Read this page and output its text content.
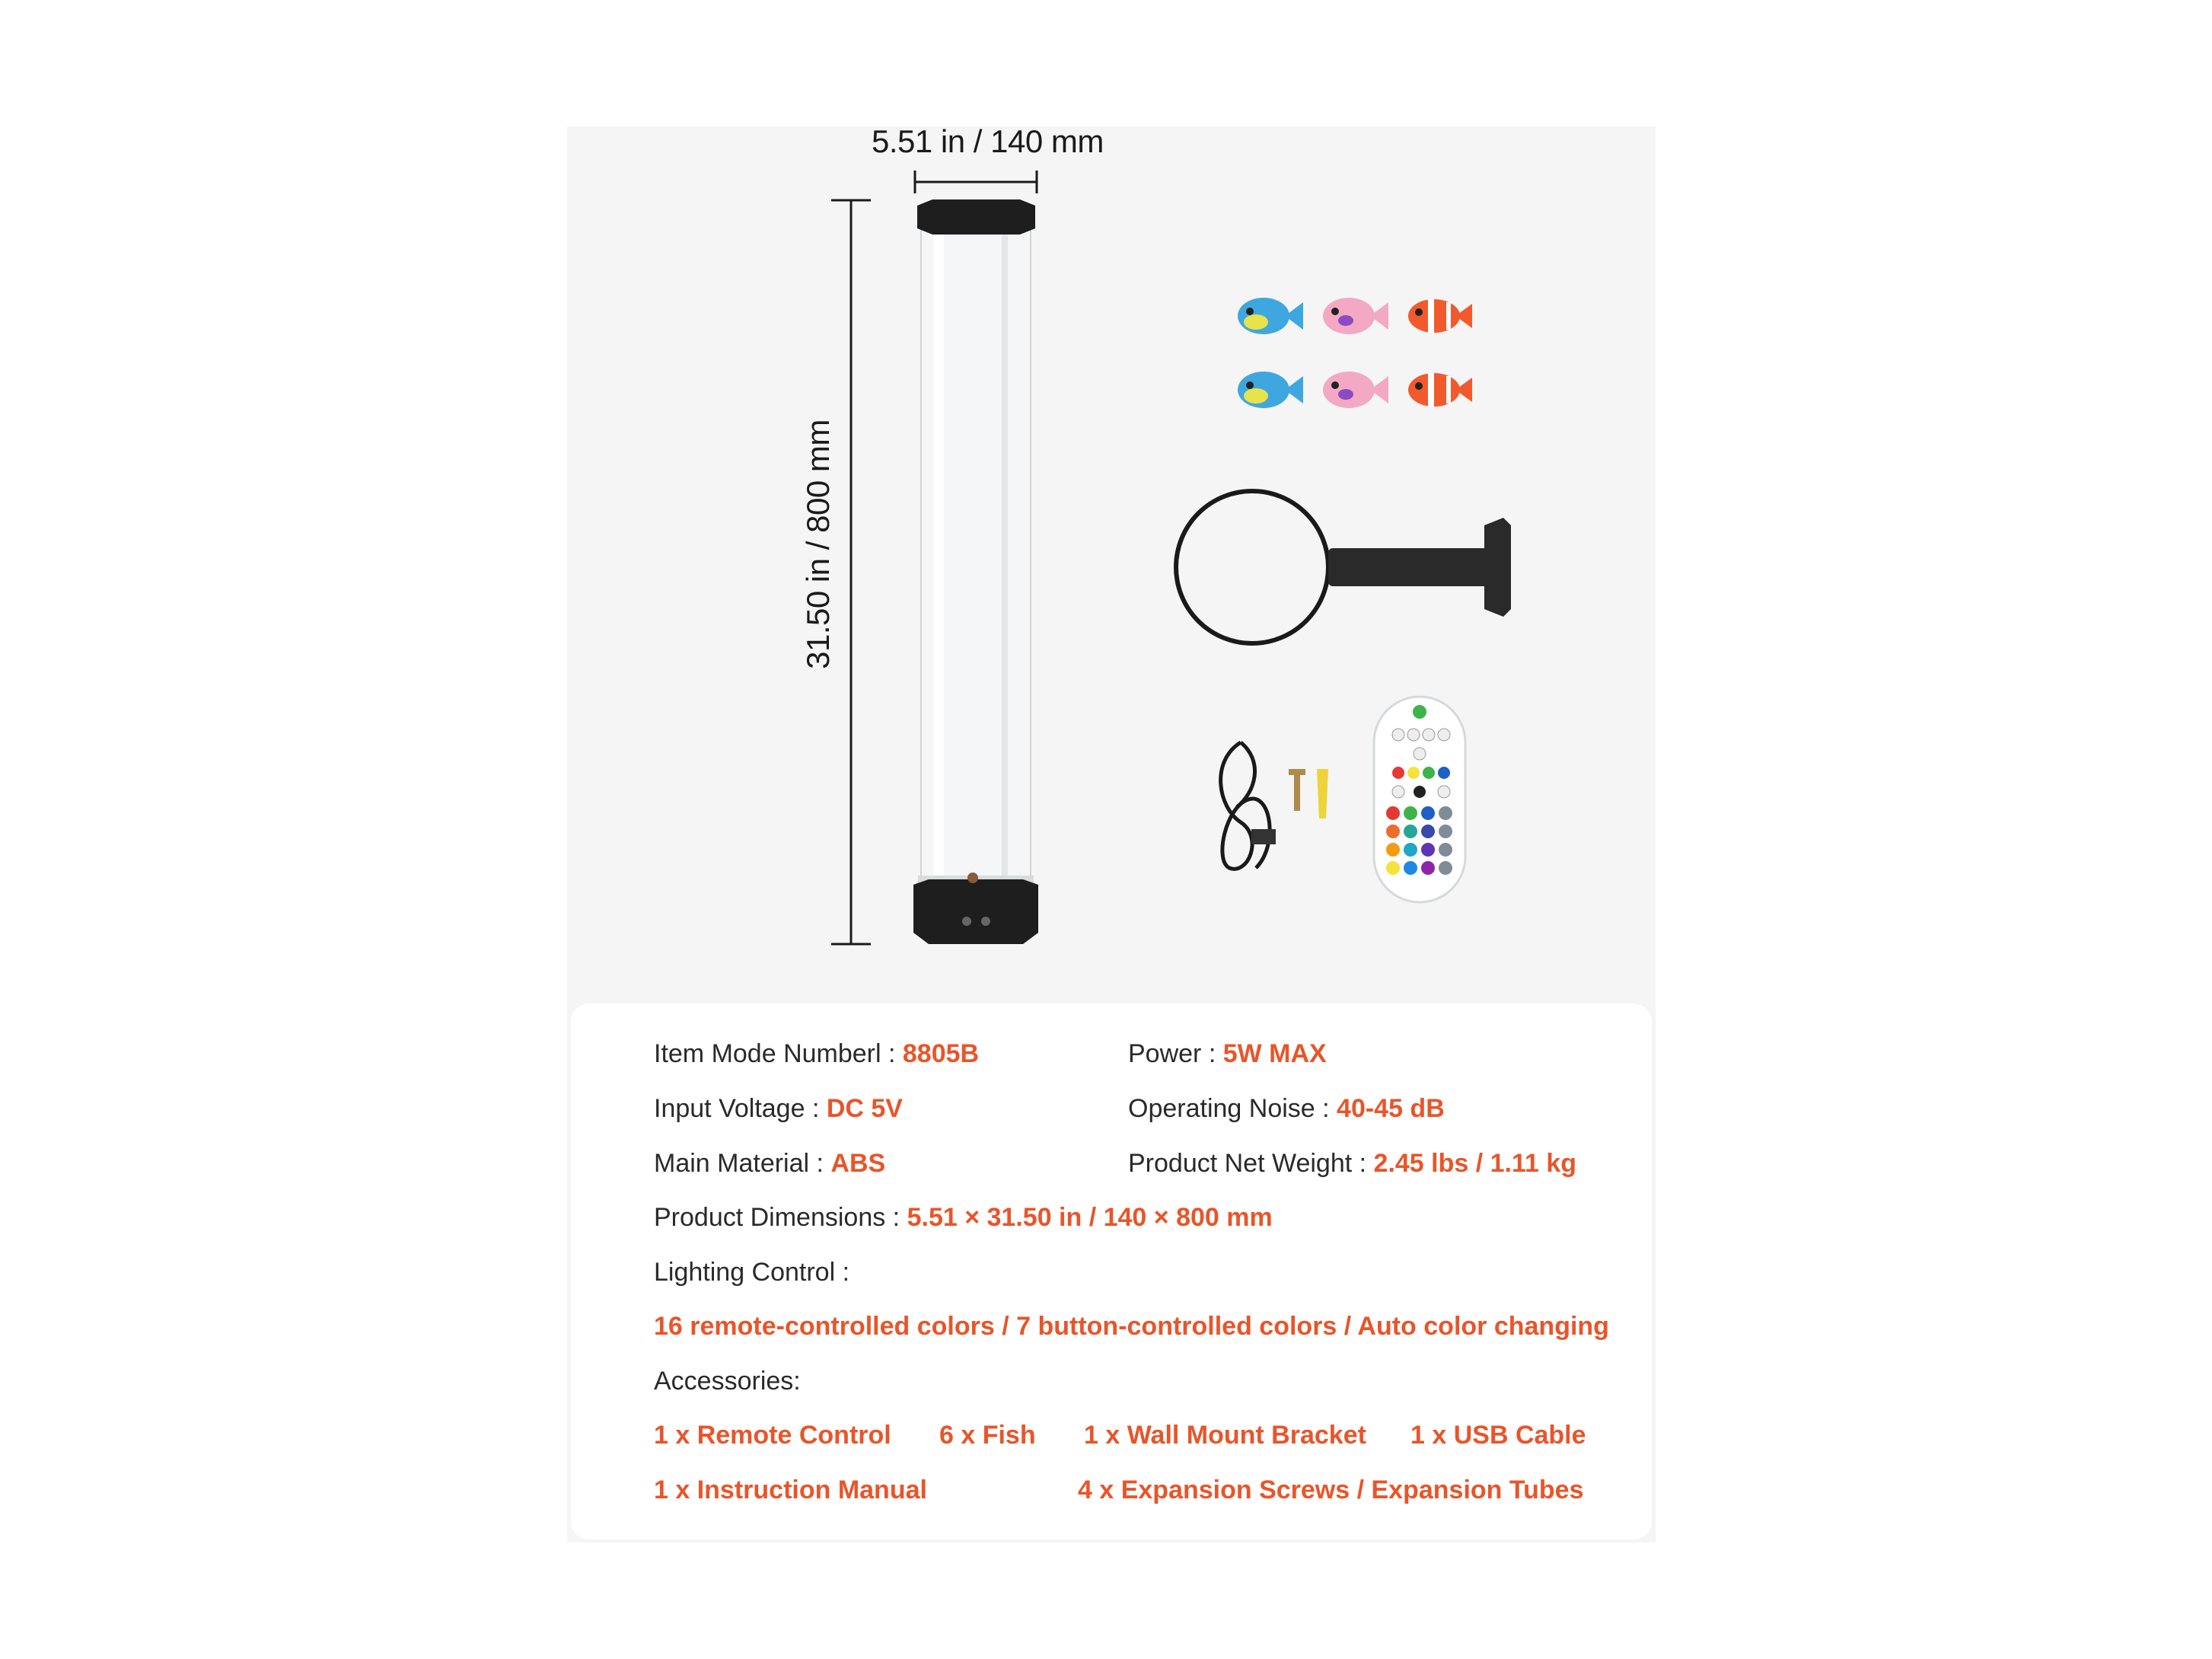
5.51 in / 140 mm
31.50 in / 800 mm
Item Mode Numberl : 8805B	Power : 5W MAX
Input Voltage : DC 5V	Operating Noise : 40-45 dB
Main Material : ABS	Product Net Weight : 2.45 lbs / 1.11 kg
Product Dimensions : 5.51 × 31.50 in / 140 × 800 mm
Lighting Control :
16 remote-controlled colors / 7 button-controlled colors / Auto color changing
Accessories:
1 x Remote Control 6 x Fish 1 x Wall Mount Bracket 1 x USB Cable
1 x Instruction Manual	4 x Expansion Screws / Expansion Tubes
